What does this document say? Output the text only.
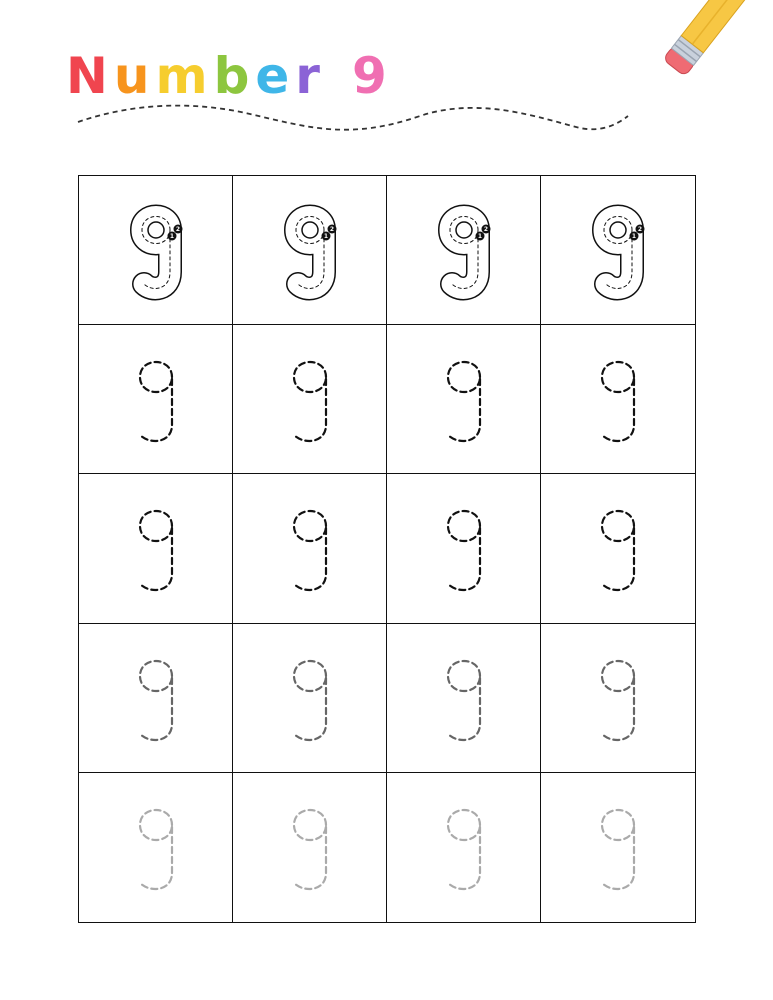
N u m b e r 9
1
2
1
2
1
2
1
2
